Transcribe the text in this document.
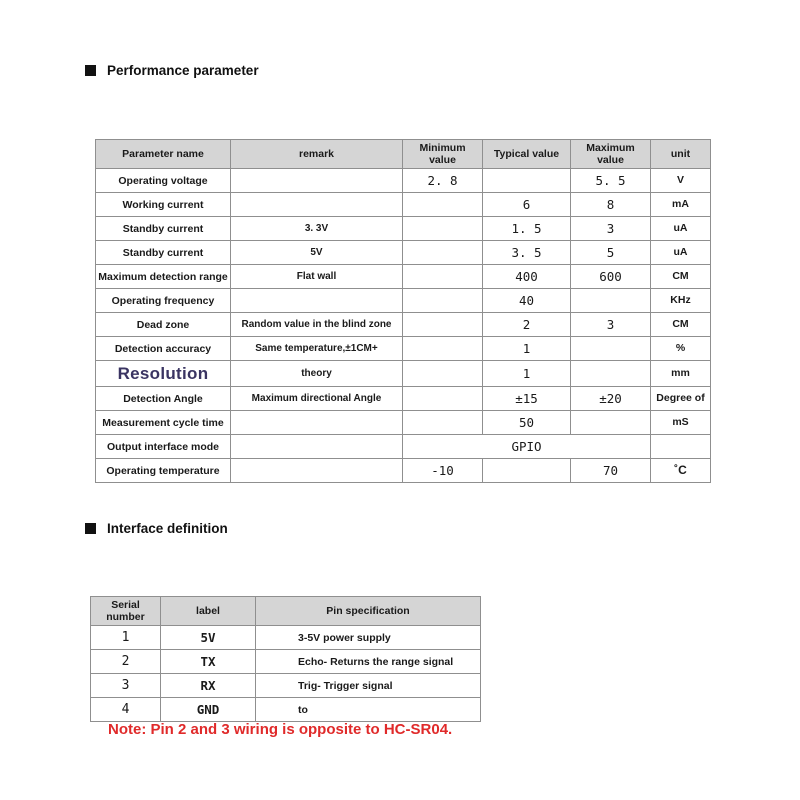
Performance parameter
Parameter name	remark	Minimum value	Typical value	Maximum value	unit
Operating voltage		2. 8		5. 5	V
Working current			6	8	mA
Standby current	3. 3V		1. 5	3	uA
Standby current	5V		3. 5	5	uA
Maximum detection range	Flat wall		400	600	CM
Operating frequency			40		KHz
Dead zone	Random value in the blind zone		2	3	CM
Detection accuracy	Same temperature,±1CM+		1		%
Resolution	theory		1		mm
Detection Angle	Maximum directional Angle		±15	±20	Degree of
Measurement cycle time			50		mS
Output interface mode		GPIO			
Operating temperature		-10		70	˚C
Interface definition
Serial number	label	Pin specification
1	5V	3-5V power supply
2	TX	Echo- Returns the range signal
3	RX	Trig- Trigger signal
4	GND	to
Note: Pin 2 and 3 wiring is opposite to HC-SR04.
